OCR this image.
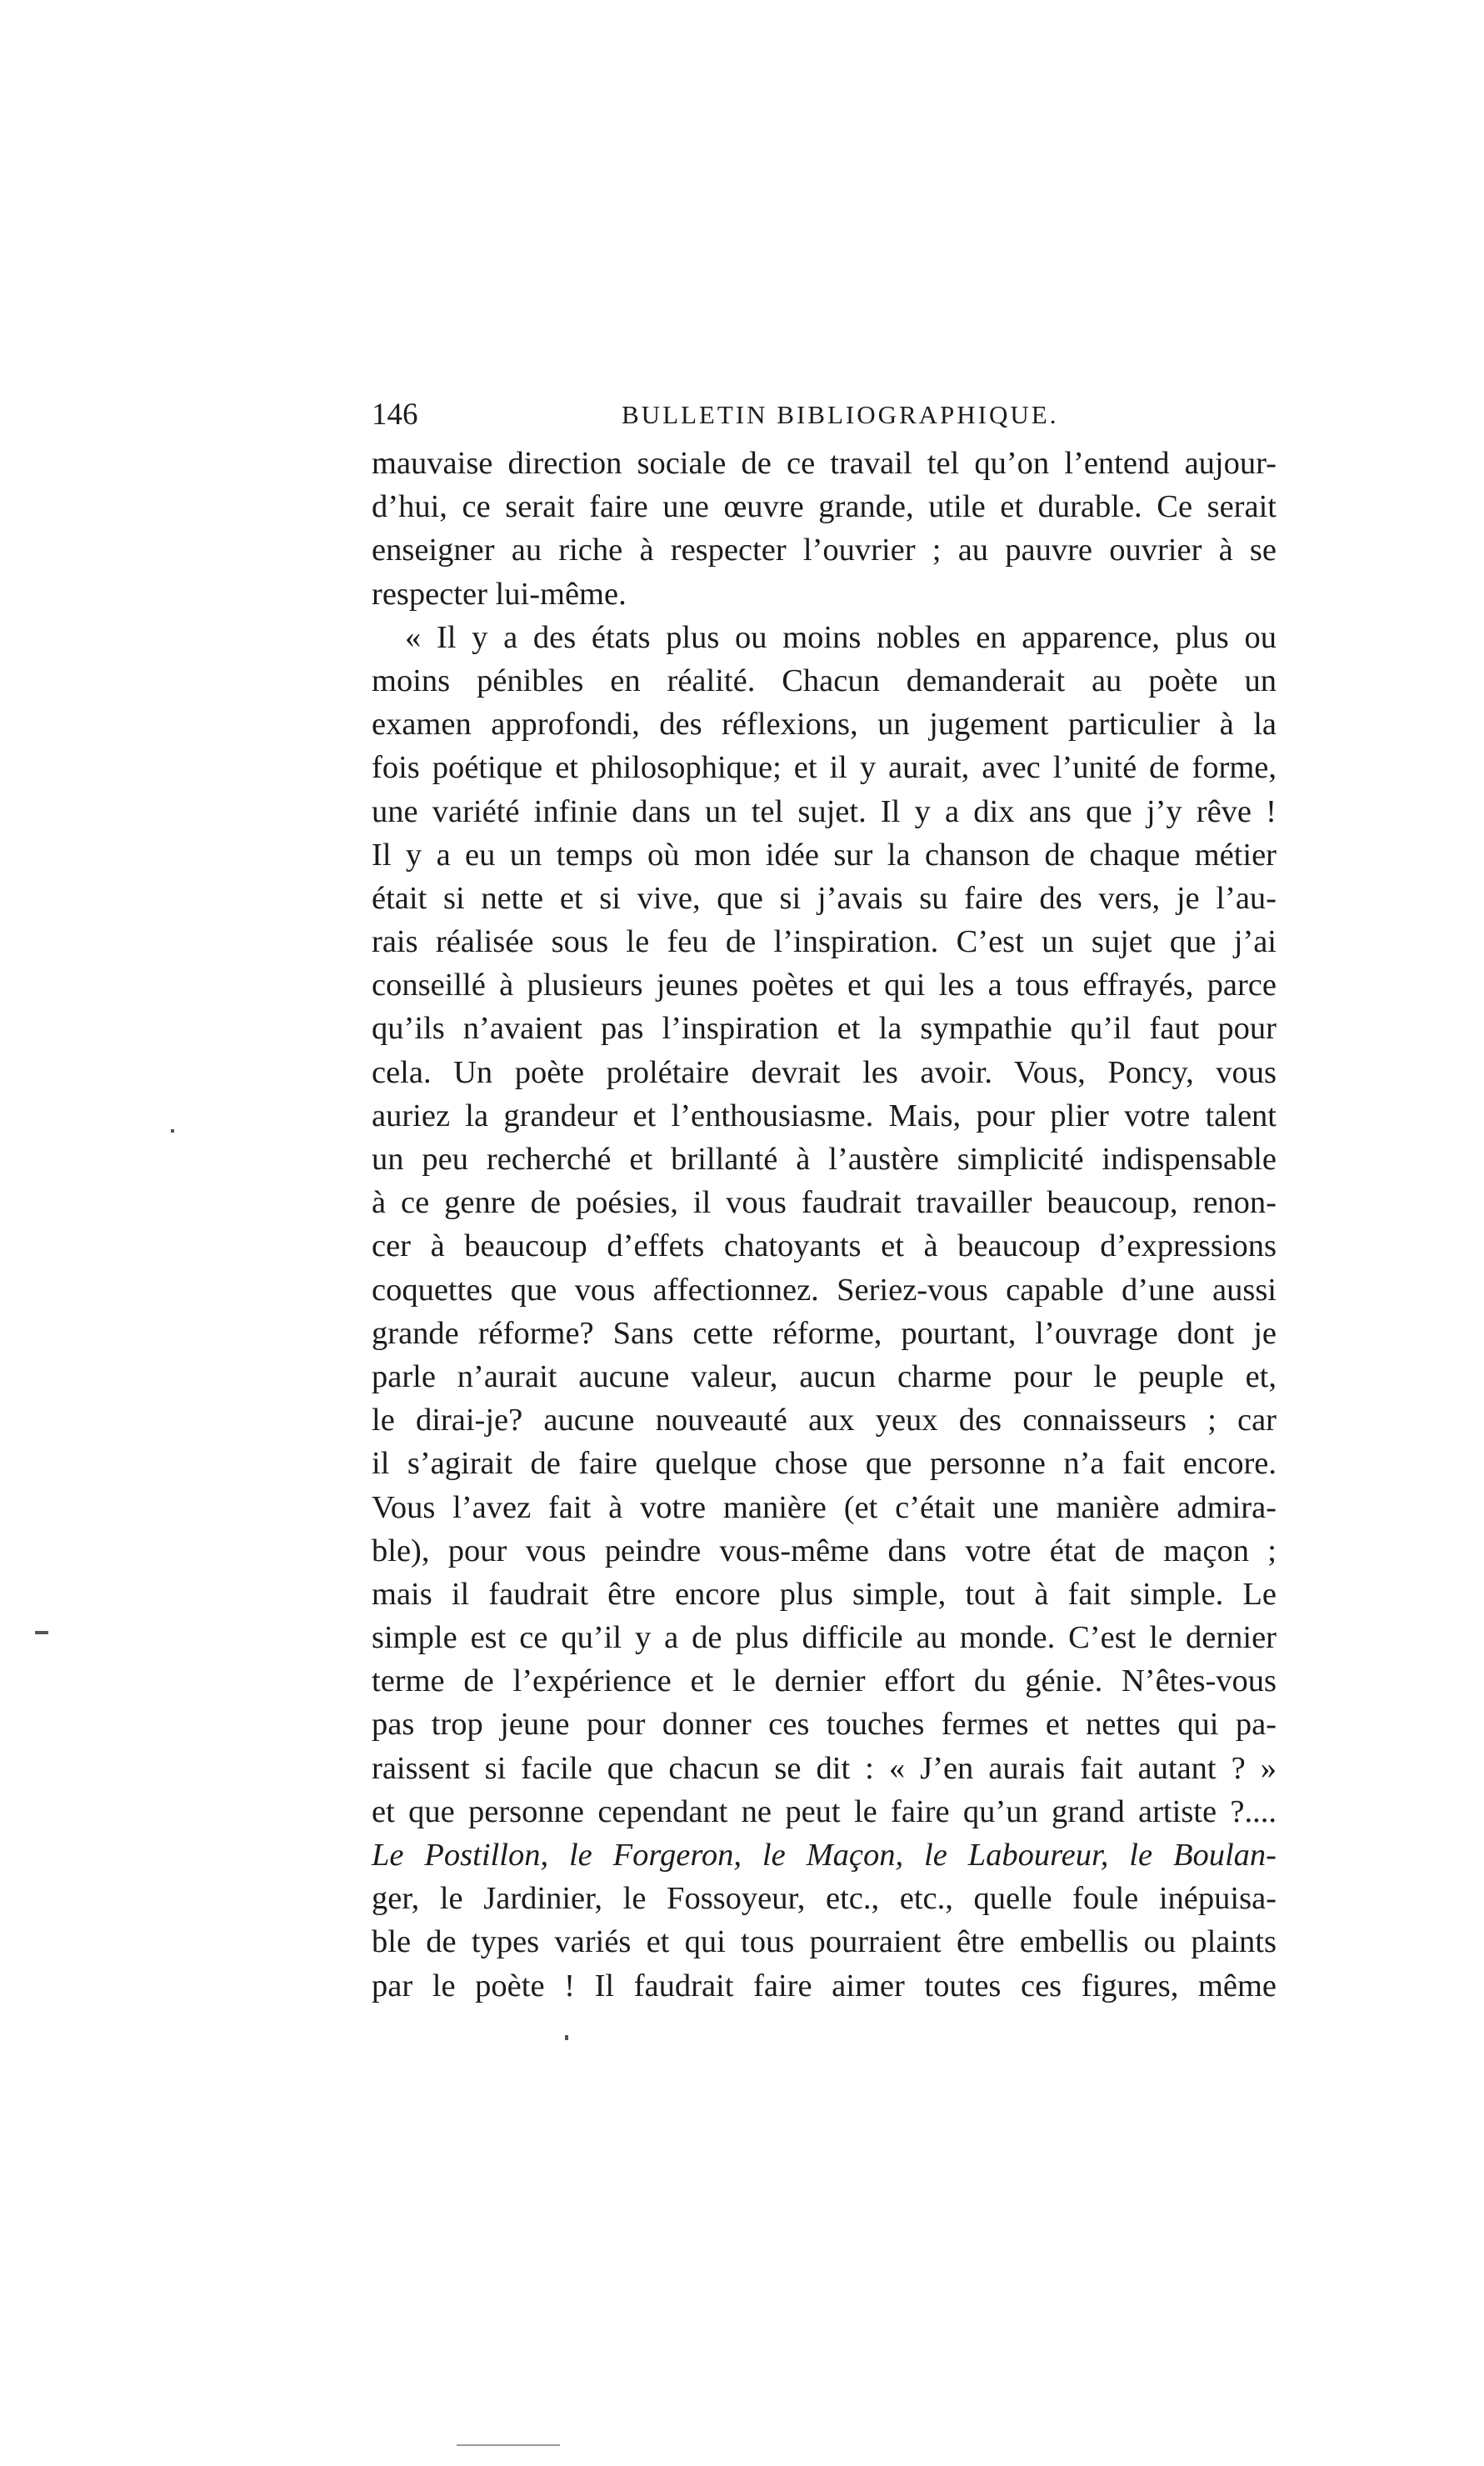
146	BULLETIN BIBLIOGRAPHIQUE.
mauvaise direction sociale de ce travail tel qu’on l’entend aujour-
d’hui, ce serait faire une œuvre grande, utile et durable. Ce serait
enseigner au riche à respecter l’ouvrier ; au pauvre ouvrier à se
respecter lui-même.
« Il y a des états plus ou moins nobles en apparence, plus ou
moins pénibles en réalité. Chacun demanderait au poète un
examen approfondi, des réflexions, un jugement particulier à la
fois poétique et philosophique; et il y aurait, avec l’unité de forme,
une variété infinie dans un tel sujet. Il y a dix ans que j’y rêve !
Il y a eu un temps où mon idée sur la chanson de chaque métier
était si nette et si vive, que si j’avais su faire des vers, je l’au-
rais réalisée sous le feu de l’inspiration. C’est un sujet que j’ai
conseillé à plusieurs jeunes poètes et qui les a tous effrayés, parce
qu’ils n’avaient pas l’inspiration et la sympathie qu’il faut pour
cela. Un poète prolétaire devrait les avoir. Vous, Poncy, vous
auriez la grandeur et l’enthousiasme. Mais, pour plier votre talent
un peu recherché et brillanté à l’austère simplicité indispensable
à ce genre de poésies, il vous faudrait travailler beaucoup, renon-
cer à beaucoup d’effets chatoyants et à beaucoup d’expressions
coquettes que vous affectionnez. Seriez-vous capable d’une aussi
grande réforme? Sans cette réforme, pourtant, l’ouvrage dont je
parle n’aurait aucune valeur, aucun charme pour le peuple et,
le dirai-je? aucune nouveauté aux yeux des connaisseurs ; car
il s’agirait de faire quelque chose que personne n’a fait encore.
Vous l’avez fait à votre manière (et c’était une manière admira-
ble), pour vous peindre vous-même dans votre état de maçon ;
mais il faudrait être encore plus simple, tout à fait simple. Le
simple est ce qu’il y a de plus difficile au monde. C’est le dernier
terme de l’expérience et le dernier effort du génie. N’êtes-vous
pas trop jeune pour donner ces touches fermes et nettes qui pa-
raissent si facile que chacun se dit : « J’en aurais fait autant ? »
et que personne cependant ne peut le faire qu’un grand artiste ?....
Le Postillon, le Forgeron, le Maçon, le Laboureur, le Boulan-
ger, le Jardinier, le Fossoyeur, etc., etc., quelle foule inépuisa-
ble de types variés et qui tous pourraient être embellis ou plaints
par le poète ! Il faudrait faire aimer toutes ces figures, même
